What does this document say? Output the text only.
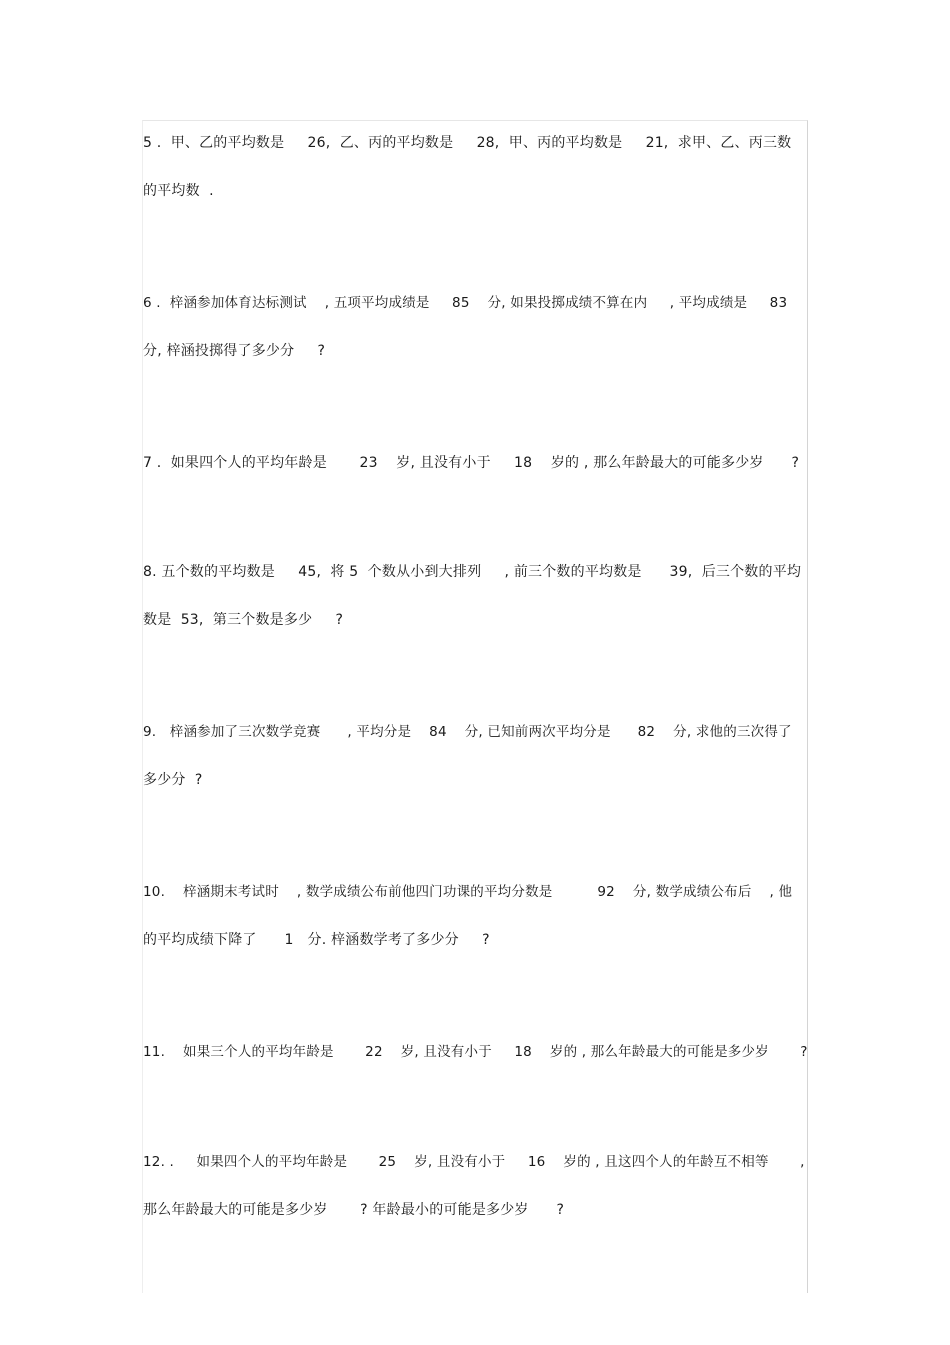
5 .  甲、乙的平均数是     26,  乙、丙的平均数是     28,  甲、丙的平均数是     21,  求甲、乙、丙三数
的平均数  .
6 .  梓涵参加体育达标测试    , 五项平均成绩是     85    分, 如果投掷成绩不算在内     , 平均成绩是     83
分, 梓涵投掷得了多少分     ?
7 .  如果四个人的平均年龄是       23    岁, 且没有小于     18    岁的 , 那么年龄最大的可能多少岁      ?
8. 五个数的平均数是     45,  将 5  个数从小到大排列     , 前三个数的平均数是      39,  后三个数的平均
数是  53,  第三个数是多少     ?
9.   梓涵参加了三次数学竞赛      , 平均分是    84    分, 已知前两次平均分是      82    分, 求他的三次得了
多少分  ?
10.    梓涵期末考试时    , 数学成绩公布前他四门功课的平均分数是          92    分, 数学成绩公布后    , 他
的平均成绩下降了      1   分. 梓涵数学考了多少分     ?
11.    如果三个人的平均年龄是       22    岁, 且没有小于     18    岁的 , 那么年龄最大的可能是多少岁       ?
12. .     如果四个人的平均年龄是       25    岁, 且没有小于     16    岁的 , 且这四个人的年龄互不相等       ,
那么年龄最大的可能是多少岁       ? 年龄最小的可能是多少岁      ?
